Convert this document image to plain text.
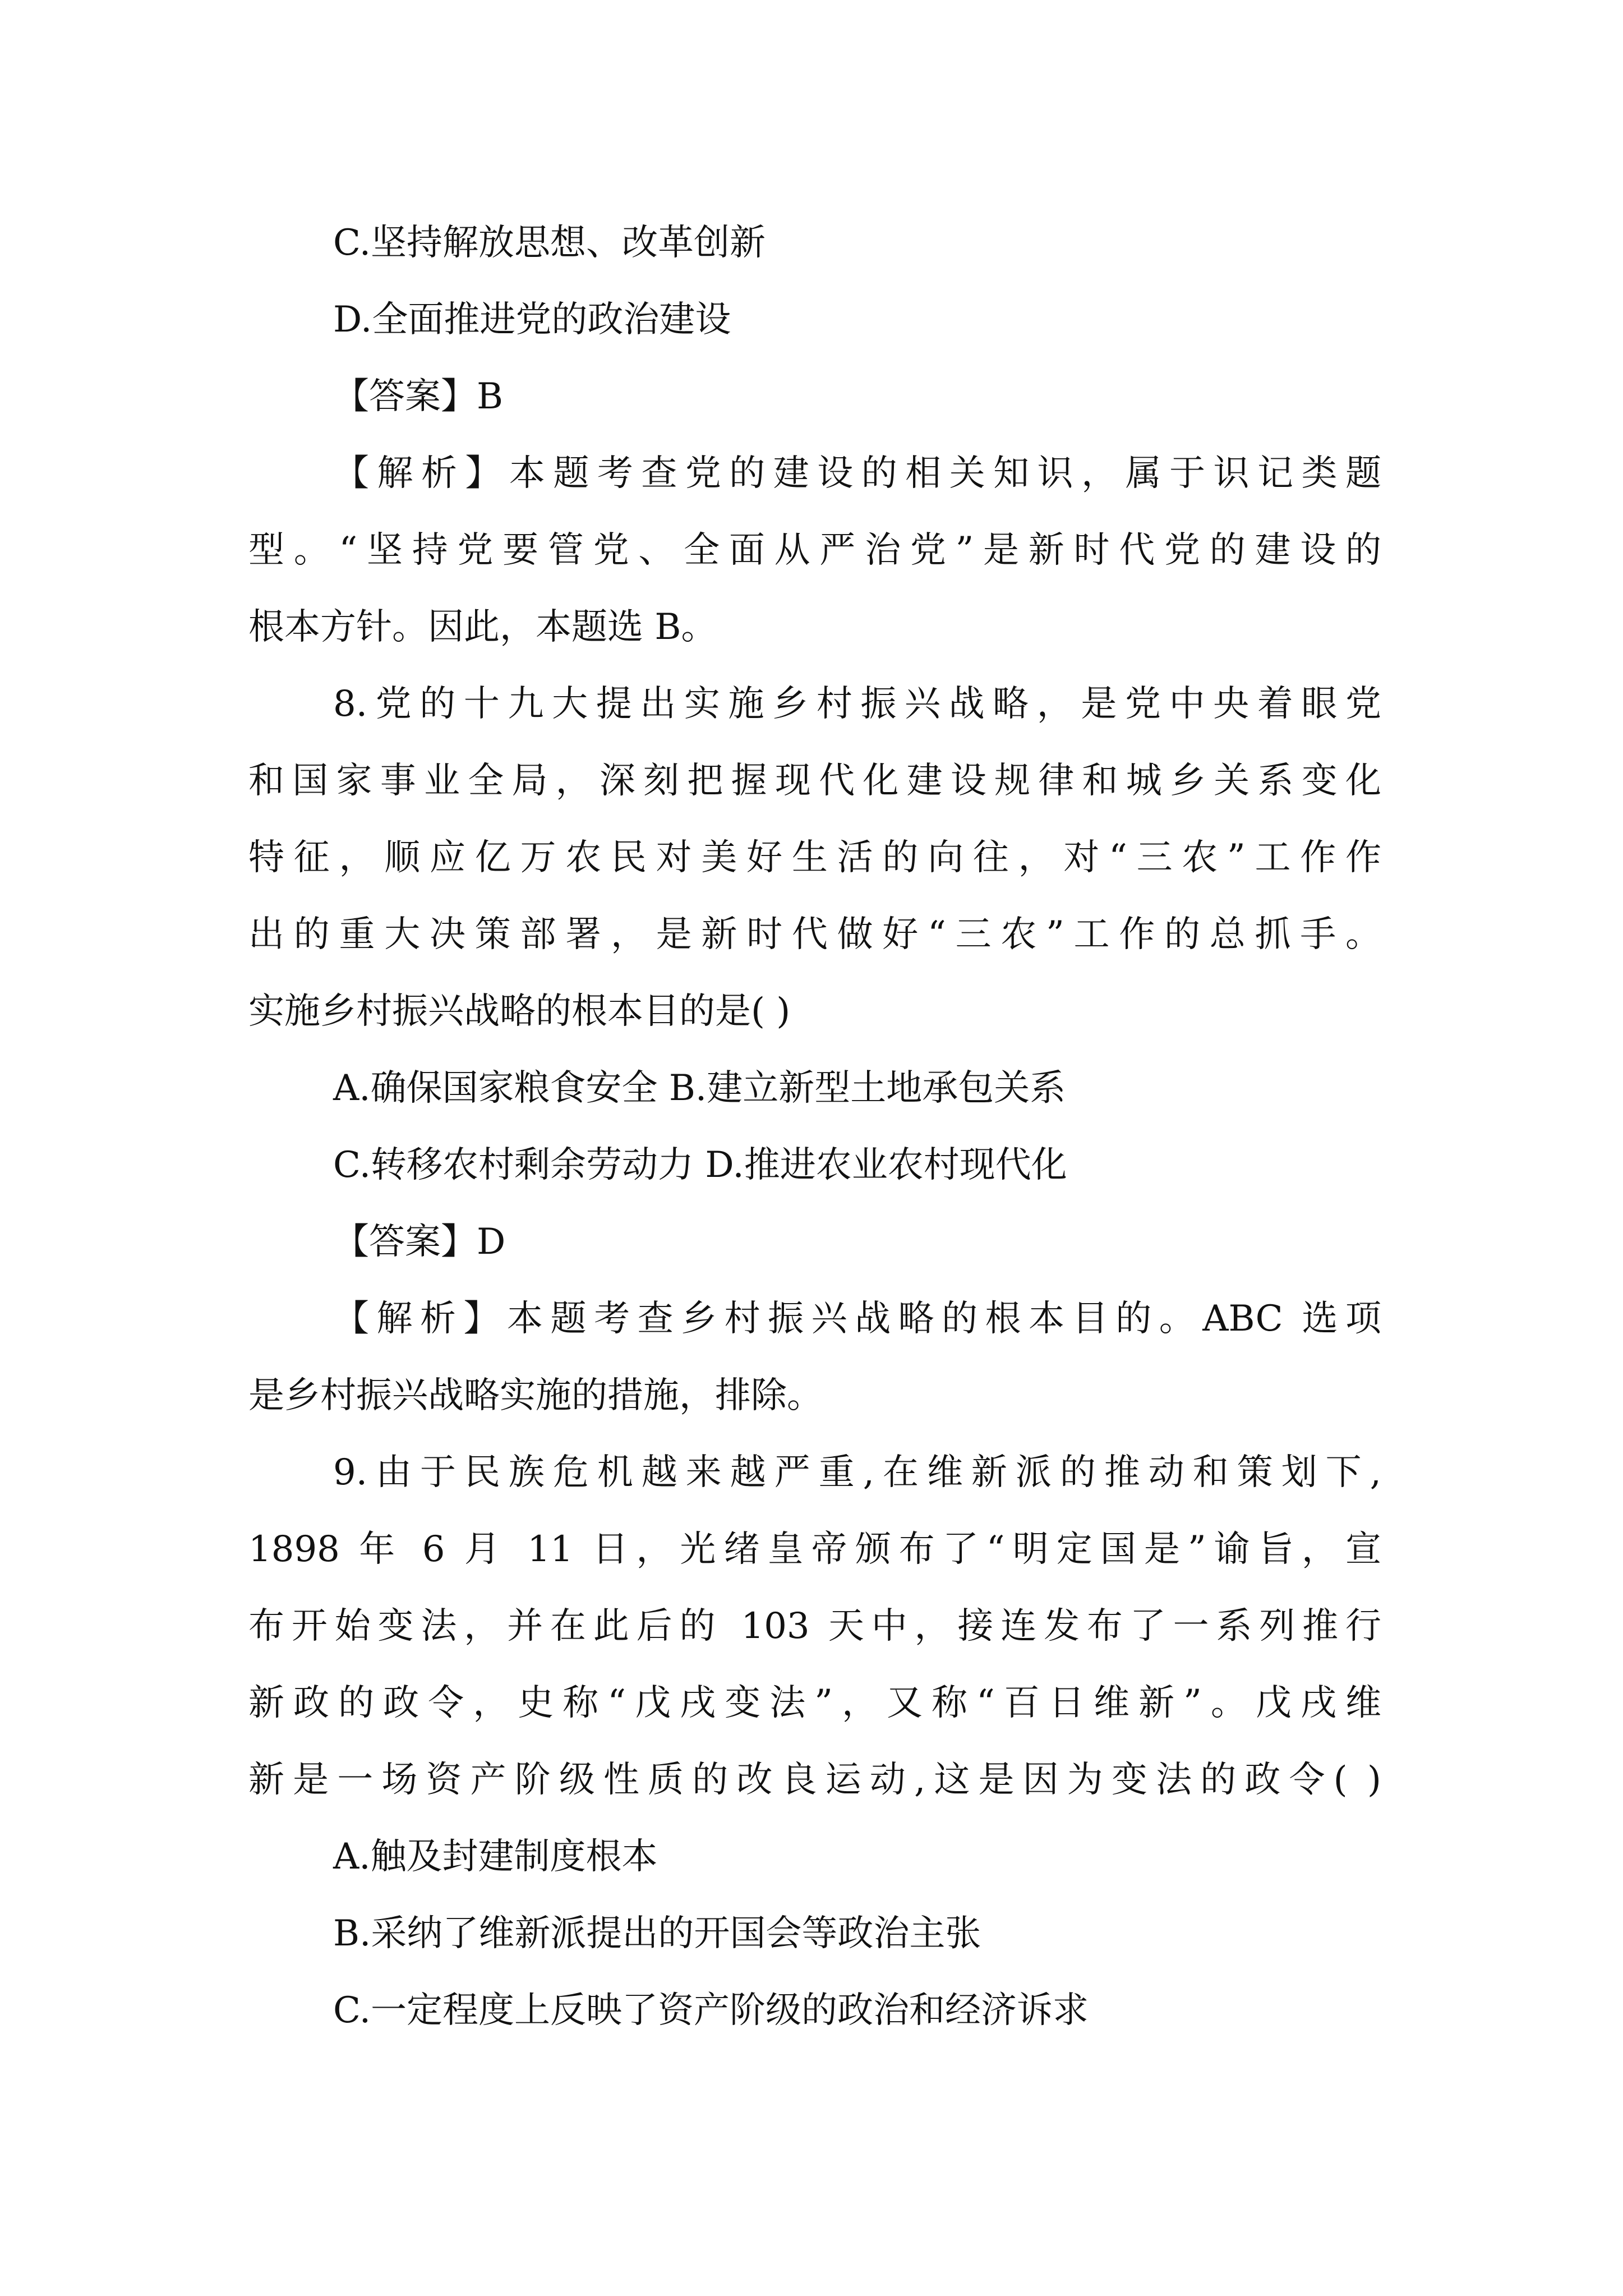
C.坚持解放思想、改革创新
D.全面推进党的政治建设
【答案】B
【解析】本题考查党的建设的相关知识，属于识记类题
型。“坚持党要管党、全面从严治党”是新时代党的建设的
根本方针。因此，本题选 B。
8.党的十九大提出实施乡村振兴战略，是党中央着眼党
和国家事业全局，深刻把握现代化建设规律和城乡关系变化
特征，顺应亿万农民对美好生活的向往，对“三农”工作作
出的重大决策部署，是新时代做好“三农”工作的总抓手。
实施乡村振兴战略的根本目的是( )
A.确保国家粮食安全 B.建立新型土地承包关系
C.转移农村剩余劳动力 D.推进农业农村现代化
【答案】D
【解析】本题考查乡村振兴战略的根本目的。ABC 选项
是乡村振兴战略实施的措施，排除。
9.由于民族危机越来越严重,在维新派的推动和策划下,
1898 年 6 月 11 日，光绪皇帝颁布了“明定国是”谕旨，宣
布开始变法，并在此后的 103 天中，接连发布了一系列推行
新政的政令，史称“戊戌变法”，又称“百日维新”。戊戌维
新是一场资产阶级性质的改良运动,这是因为变法的政令( )
A.触及封建制度根本
B.采纳了维新派提出的开国会等政治主张
C.一定程度上反映了资产阶级的政治和经济诉求
